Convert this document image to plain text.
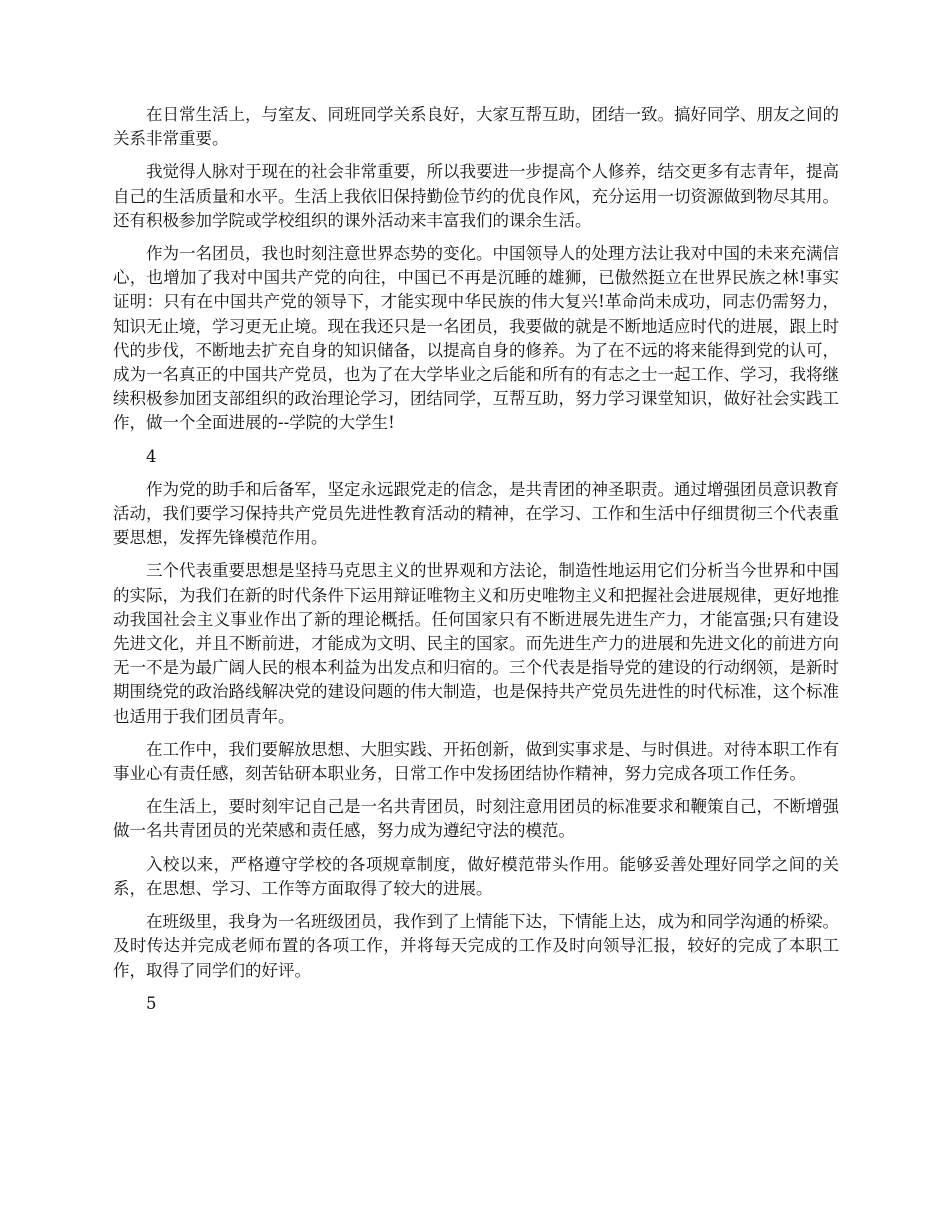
在日常生活上，与室友、同班同学关系良好，大家互帮互助，团结一致。搞好同学、朋友之间的关系非常重要。

我觉得人脉对于现在的社会非常重要，所以我要进一步提高个人修养，结交更多有志青年，提高自己的生活质量和水平。生活上我依旧保持勤俭节约的优良作风，充分运用一切资源做到物尽其用。还有积极参加学院或学校组织的课外活动来丰富我们的课余生活。

作为一名团员，我也时刻注意世界态势的变化。中国领导人的处理方法让我对中国的未来充满信心，也增加了我对中国共产党的向往，中国已不再是沉睡的雄狮，已傲然挺立在世界民族之林!事实证明：只有在中国共产党的领导下，才能实现中华民族的伟大复兴!革命尚未成功，同志仍需努力，知识无止境，学习更无止境。现在我还只是一名团员，我要做的就是不断地适应时代的进展，跟上时代的步伐，不断地去扩充自身的知识储备，以提高自身的修养。为了在不远的将来能得到党的认可，成为一名真正的中国共产党员，也为了在大学毕业之后能和所有的有志之士一起工作、学习，我将继续积极参加团支部组织的政治理论学习，团结同学，互帮互助，努力学习课堂知识，做好社会实践工作，做一个全面进展的--学院的大学生!

4

作为党的助手和后备军，坚定永远跟党走的信念，是共青团的神圣职责。通过增强团员意识教育活动，我们要学习保持共产党员先进性教育活动的精神，在学习、工作和生活中仔细贯彻三个代表重要思想，发挥先锋模范作用。

三个代表重要思想是坚持马克思主义的世界观和方法论，制造性地运用它们分析当今世界和中国的实际，为我们在新的时代条件下运用辩证唯物主义和历史唯物主义和把握社会进展规律，更好地推动我国社会主义事业作出了新的理论概括。任何国家只有不断进展先进生产力，才能富强;只有建设先进文化，并且不断前进，才能成为文明、民主的国家。而先进生产力的进展和先进文化的前进方向无一不是为最广阔人民的根本利益为出发点和归宿的。三个代表是指导党的建设的行动纲领，是新时期围绕党的政治路线解决党的建设问题的伟大制造，也是保持共产党员先进性的时代标准，这个标准也适用于我们团员青年。

在工作中，我们要解放思想、大胆实践、开拓创新，做到实事求是、与时俱进。对待本职工作有事业心有责任感，刻苦钻研本职业务，日常工作中发扬团结协作精神，努力完成各项工作任务。

在生活上，要时刻牢记自己是一名共青团员，时刻注意用团员的标准要求和鞭策自己，不断增强做一名共青团员的光荣感和责任感，努力成为遵纪守法的模范。

入校以来，严格遵守学校的各项规章制度，做好模范带头作用。能够妥善处理好同学之间的关系，在思想、学习、工作等方面取得了较大的进展。

在班级里，我身为一名班级团员，我作到了上情能下达，下情能上达，成为和同学沟通的桥梁。及时传达并完成老师布置的各项工作，并将每天完成的工作及时向领导汇报，较好的完成了本职工作，取得了同学们的好评。

5
